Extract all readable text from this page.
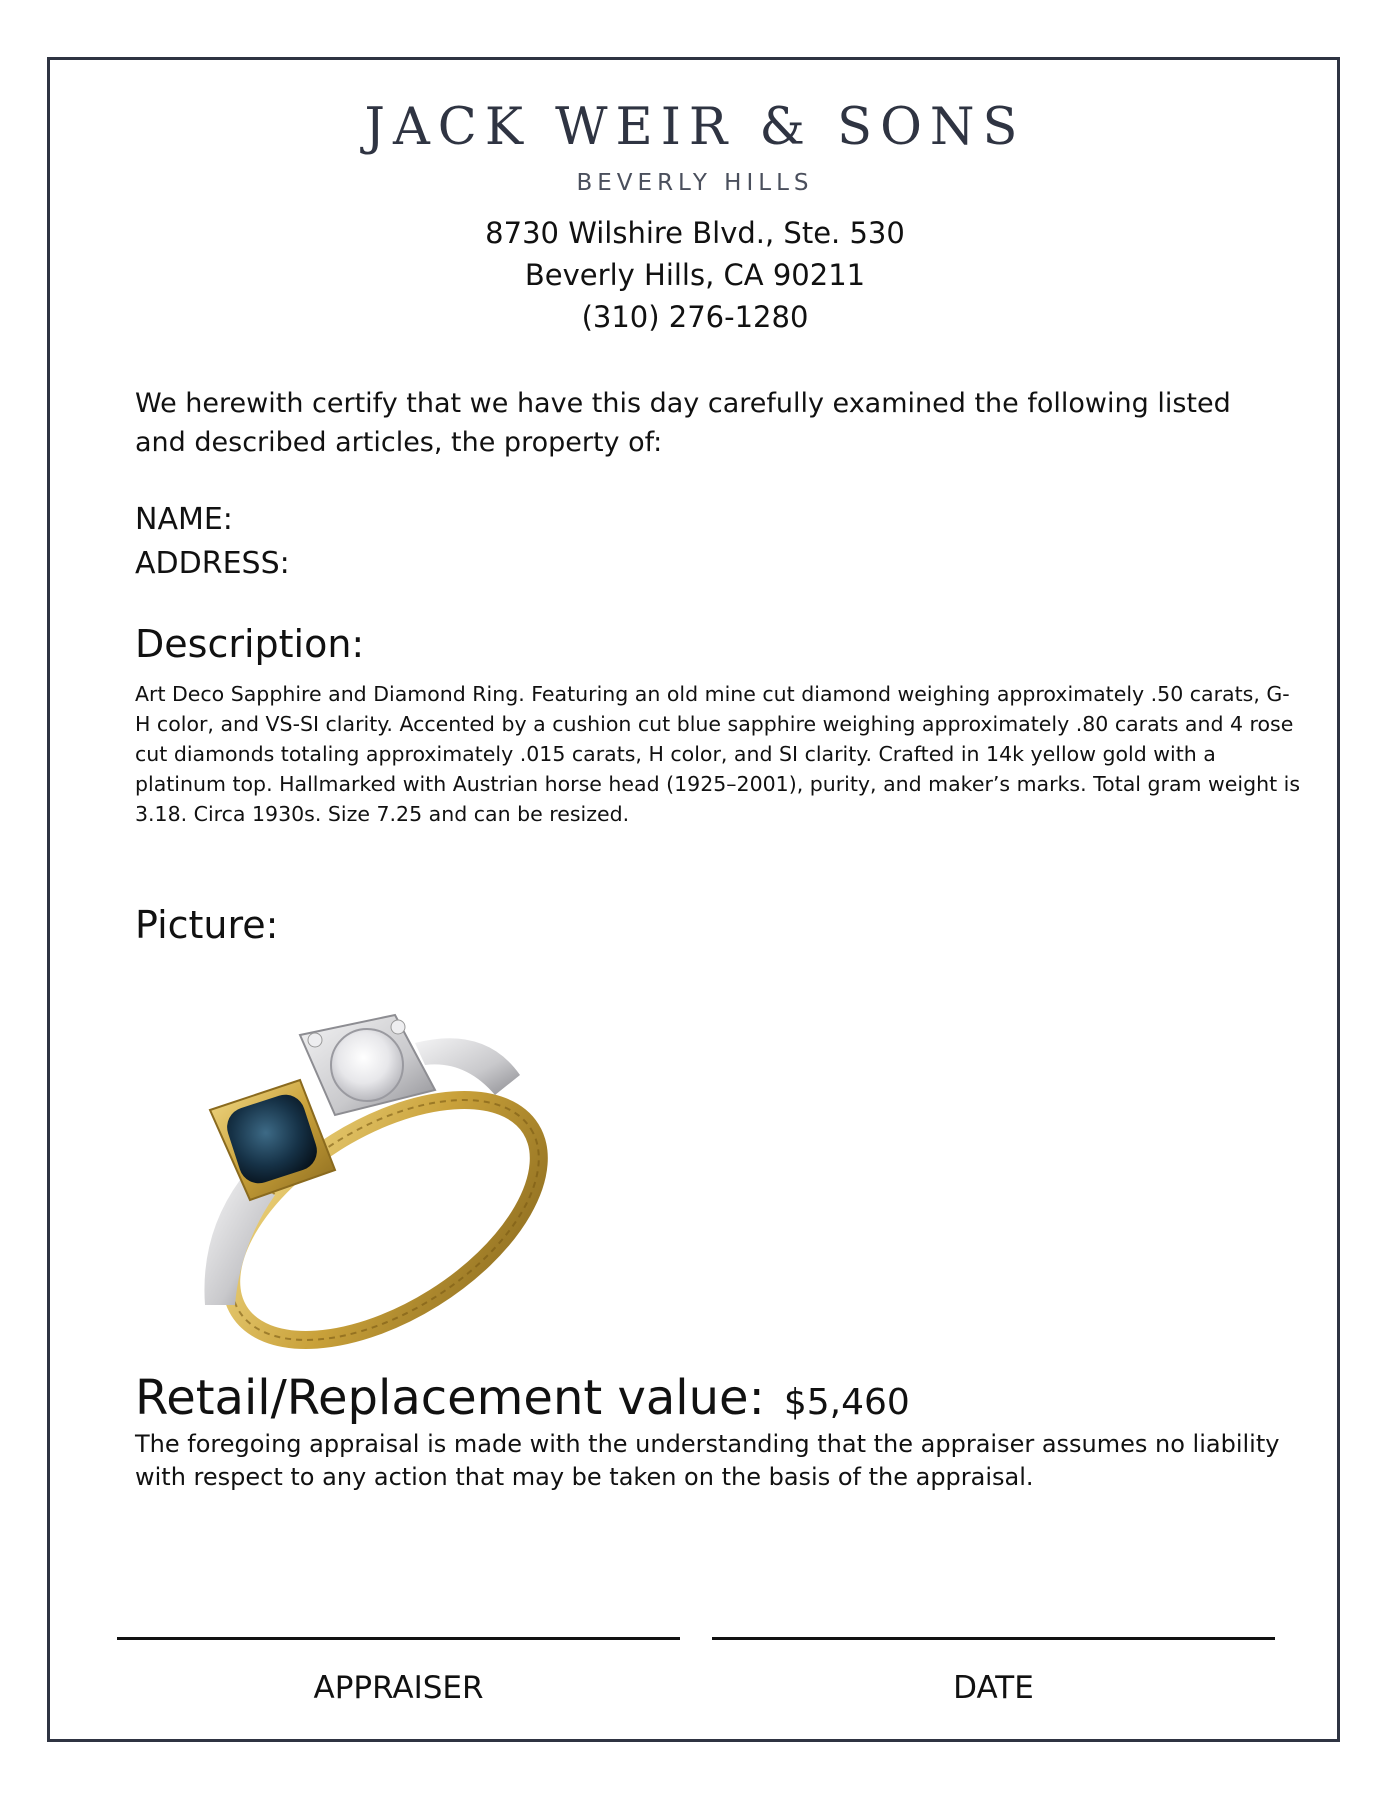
JACK WEIR & SONS
BEVERLY HILLS
8730 Wilshire Blvd., Ste. 530
Beverly Hills, CA 90211
(310) 276-1280
We herewith certify that we have this day carefully examined the following listed and described articles, the property of:
NAME:
ADDRESS:
Description:
Art Deco Sapphire and Diamond Ring. Featuring an old mine cut diamond weighing approximately .50 carats, G-H color, and VS-SI clarity. Accented by a cushion cut blue sapphire weighing approximately .80 carats and 4 rose cut diamonds totaling approximately .015 carats, H color, and SI clarity. Crafted in 14k yellow gold with a platinum top. Hallmarked with Austrian horse head (1925–2001), purity, and maker’s marks. Total gram weight is 3.18. Circa 1930s. Size 7.25 and can be resized.
Picture:
Retail/Replacement value: $5,460
The foregoing appraisal is made with the understanding that the appraiser assumes no liability with respect to any action that may be taken on the basis of the appraisal.
APPRAISER	DATE
